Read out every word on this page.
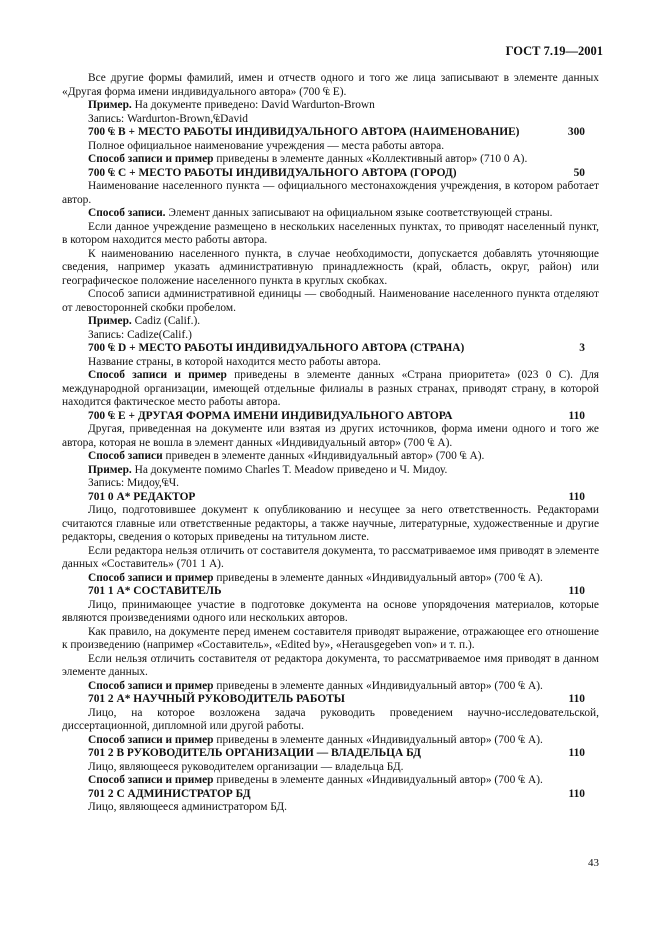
ГОСТ 7.19—2001

Все другие формы фамилий, имен и отчеств одного и того же лица записывают в элементе данных «Другая форма имени индивидуального автора» (700 ₠ Е).

Пример. На документе приведено: David Wardurton-Brown

Запись: Wardurton-Brown,₠David

700 ₠ В + МЕСТО РАБОТЫ ИНДИВИДУАЛЬНОГО АВТОРА (НАИМЕНОВАНИЕ)	300

Полное официальное наименование учреждения — места работы автора.

Способ записи и пример приведены в элементе данных «Коллективный автор» (710 0 А).

700 ₠ С + МЕСТО РАБОТЫ ИНДИВИДУАЛЬНОГО АВТОРА (ГОРОД)	50

Наименование населенного пункта — официального местонахождения учреждения, в котором работает автор.

Способ записи. Элемент данных записывают на официальном языке соответствующей страны.

Если данное учреждение размещено в нескольких населенных пунктах, то приводят населенный пункт, в котором находится место работы автора.

К наименованию населенного пункта, в случае необходимости, допускается добавлять уточняющие сведения, например указать административную принадлежность (край, область, округ, район) или географическое положение населенного пункта в круглых скобках.

Способ записи административной единицы — свободный. Наименование населенного пункта отделяют от левосторонней скобки пробелом.

Пример. Cadiz (Calif.).

Запись: Cadize(Calif.)

700 ₠ D + МЕСТО РАБОТЫ ИНДИВИДУАЛЬНОГО АВТОРА (СТРАНА)	3

Название страны, в которой находится место работы автора.

Способ записи и пример приведены в элементе данных «Страна приоритета» (023 0 С). Для международной организации, имеющей отдельные филиалы в разных странах, приводят страну, в которой находится фактическое место работы автора.

700 ₠ Е + ДРУГАЯ ФОРМА ИМЕНИ ИНДИВИДУАЛЬНОГО АВТОРА	110

Другая, приведенная на документе или взятая из других источников, форма имени одного и того же автора, которая не вошла в элемент данных «Индивидуальный автор» (700 ₠ А).

Способ записи приведен в элементе данных «Индивидуальный автор» (700 ₠ А).

Пример. На документе помимо Charles T. Meadow приведено и Ч. Мидоу.

Запись: Мидоу,₠Ч.

701 0 А* РЕДАКТОР	110

Лицо, подготовившее документ к опубликованию и несущее за него ответственность. Редакторами считаются главные или ответственные редакторы, а также научные, литературные, художественные и другие редакторы, сведения о которых приведены на титульном листе.

Если редактора нельзя отличить от составителя документа, то рассматриваемое имя приводят в элементе данных «Составитель» (701 1 А).

Способ записи и пример приведены в элементе данных «Индивидуальный автор» (700 ₠ А).

701 1 А* СОСТАВИТЕЛЬ	110

Лицо, принимающее участие в подготовке документа на основе упорядочения материалов, которые являются произведениями одного или нескольких авторов.

Как правило, на документе перед именем составителя приводят выражение, отражающее его отношение к произведению (например «Составитель», «Edited by», «Herausgegeben von» и т. п.).

Если нельзя отличить составителя от редактора документа, то рассматриваемое имя приводят в данном элементе данных.

Способ записи и пример приведены в элементе данных «Индивидуальный автор» (700 ₠ А).

701 2 А* НАУЧНЫЙ РУКОВОДИТЕЛЬ РАБОТЫ	110

Лицо, на которое возложена задача руководить проведением научно-исследовательской, диссертационной, дипломной или другой работы.

Способ записи и пример приведены в элементе данных «Индивидуальный автор» (700 ₠ А).

701 2 В РУКОВОДИТЕЛЬ ОРГАНИЗАЦИИ — ВЛАДЕЛЬЦА БД	110

Лицо, являющееся руководителем организации — владельца БД.

Способ записи и пример приведены в элементе данных «Индивидуальный автор» (700 ₠ А).

701 2 С АДМИНИСТРАТОР БД	110

Лицо, являющееся администратором БД.

43
